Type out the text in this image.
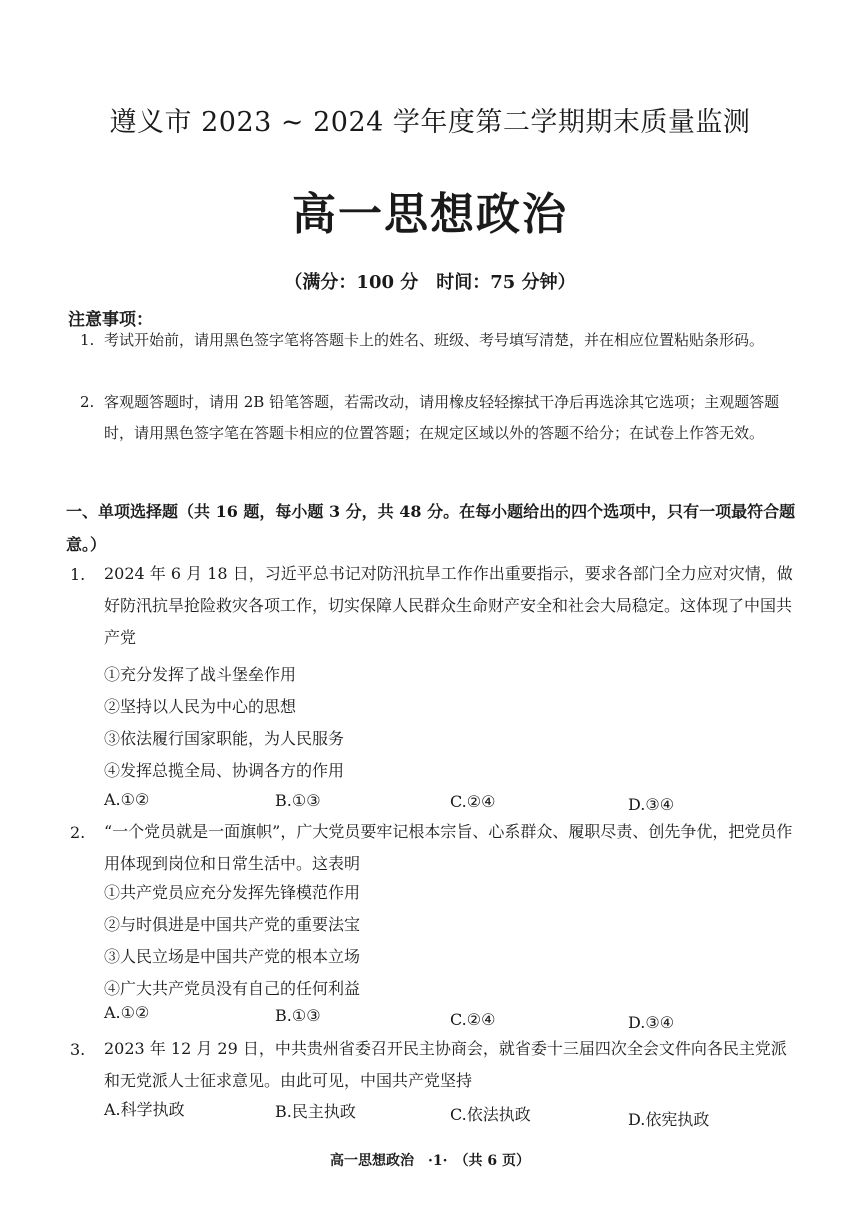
遵义市 2023 ~ 2024 学年度第二学期期末质量监测
高一思想政治
（满分：100 分　时间：75 分钟）
注意事项：
1. 考试开始前，请用黑色签字笔将答题卡上的姓名、班级、考号填写清楚，并在相应位置粘贴条形码。
2. 客观题答题时，请用 2B 铅笔答题，若需改动，请用橡皮轻轻擦拭干净后再选涂其它选项；主观题答题时，请用黑色签字笔在答题卡相应的位置答题；在规定区域以外的答题不给分；在试卷上作答无效。
一、单项选择题（共 16 题，每小题 3 分，共 48 分。在每小题给出的四个选项中，只有一项最符合题意。）
1. 2024 年 6 月 18 日，习近平总书记对防汛抗旱工作作出重要指示，要求各部门全力应对灾情，做好防汛抗旱抢险救灾各项工作，切实保障人民群众生命财产安全和社会大局稳定。这体现了中国共产党
①充分发挥了战斗堡垒作用
②坚持以人民为中心的思想
③依法履行国家职能，为人民服务
④发挥总揽全局、协调各方的作用
A.①②	B.①③	C.②④	D.③④
2. “一个党员就是一面旗帜”，广大党员要牢记根本宗旨、心系群众、履职尽责、创先争优，把党员作用体现到岗位和日常生活中。这表明
①共产党员应充分发挥先锋模范作用
②与时俱进是中国共产党的重要法宝
③人民立场是中国共产党的根本立场
④广大共产党员没有自己的任何利益
A.①②	B.①③	C.②④	D.③④
3. 2023 年 12 月 29 日，中共贵州省委召开民主协商会，就省委十三届四次全会文件向各民主党派和无党派人士征求意见。由此可见，中国共产党坚持
A.科学执政	B.民主执政	C.依法执政	D.依宪执政
高一思想政治　·1·　（共 6 页）
